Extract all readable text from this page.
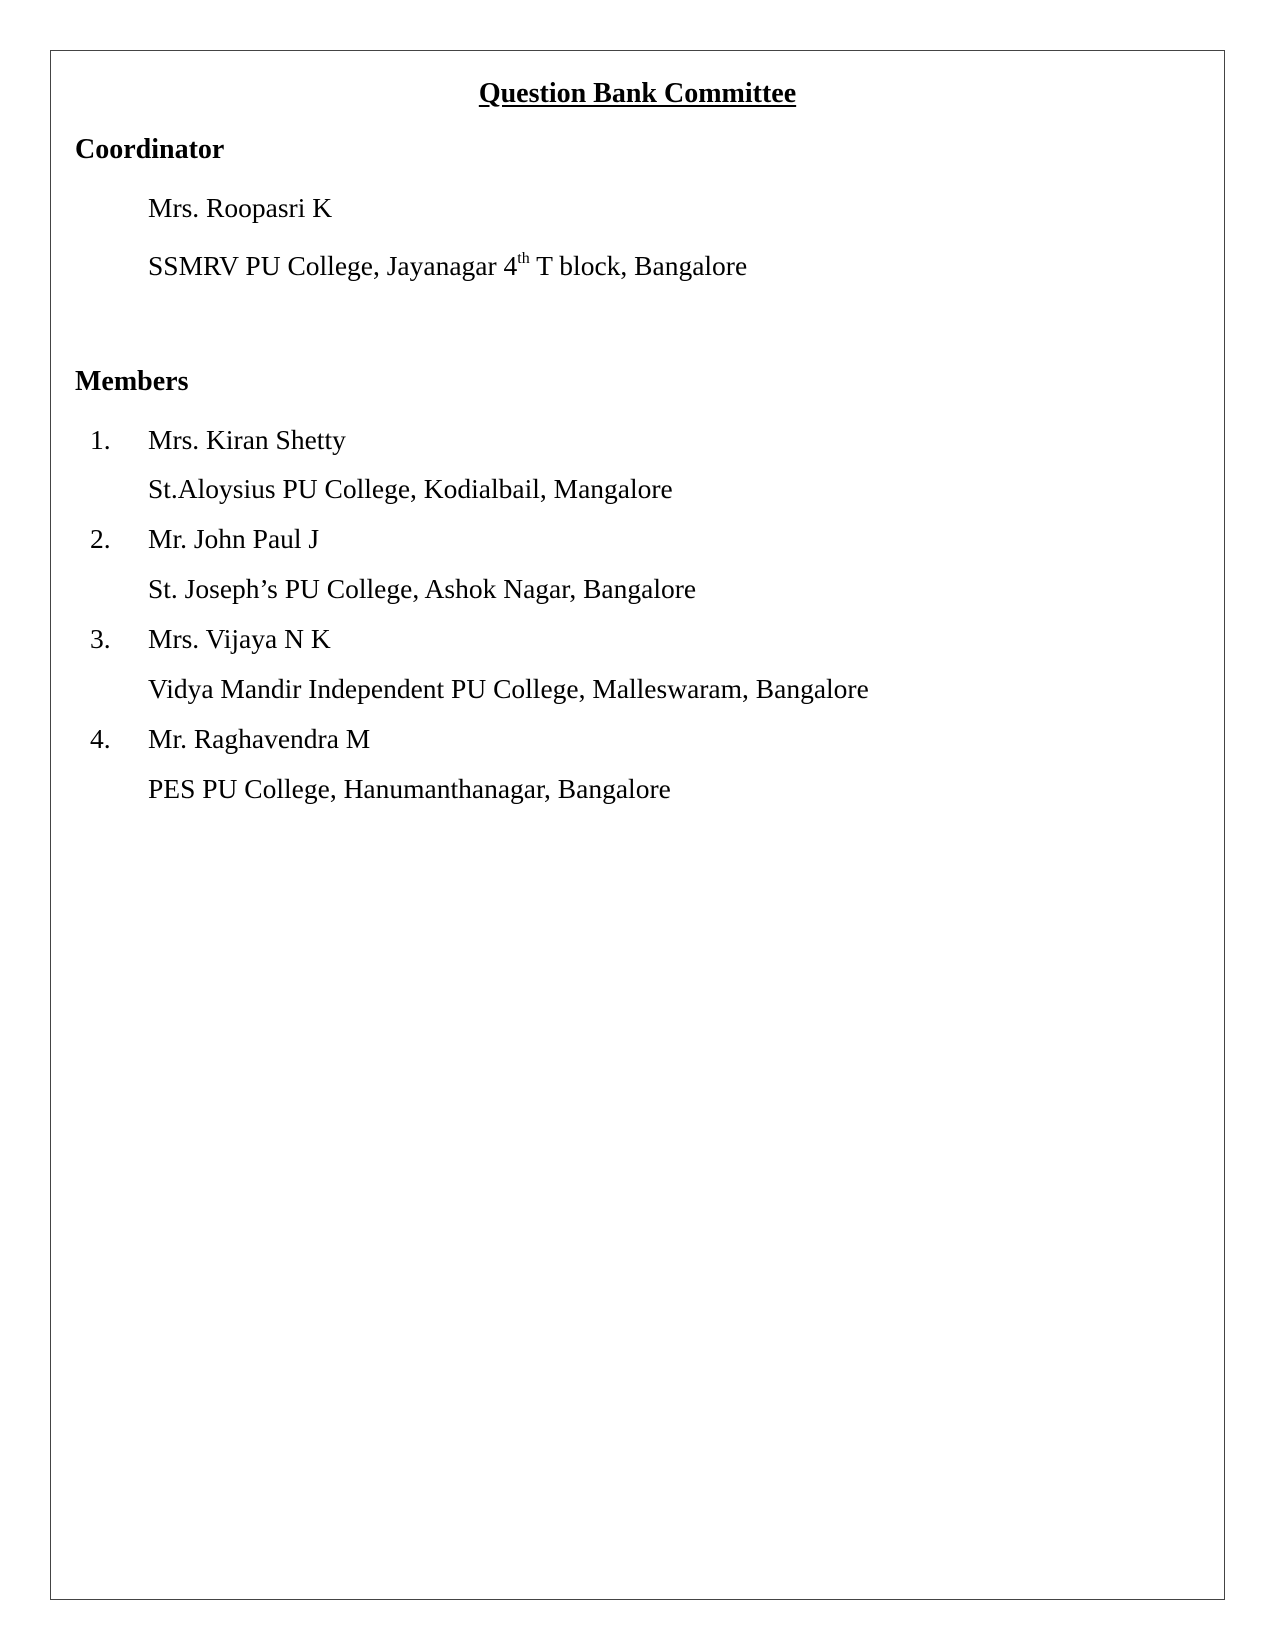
Question Bank Committee
Coordinator

Mrs. Roopasri K

SSMRV PU College, Jayanagar 4th T block, Bangalore

Members

1. Mrs. Kiran Shetty

St.Aloysius PU College, Kodialbail, Mangalore

2. Mr. John Paul J

St. Joseph’s PU College, Ashok Nagar, Bangalore

3. Mrs. Vijaya N K

Vidya Mandir Independent PU College, Malleswaram, Bangalore

4. Mr. Raghavendra M

PES PU College, Hanumanthanagar, Bangalore
